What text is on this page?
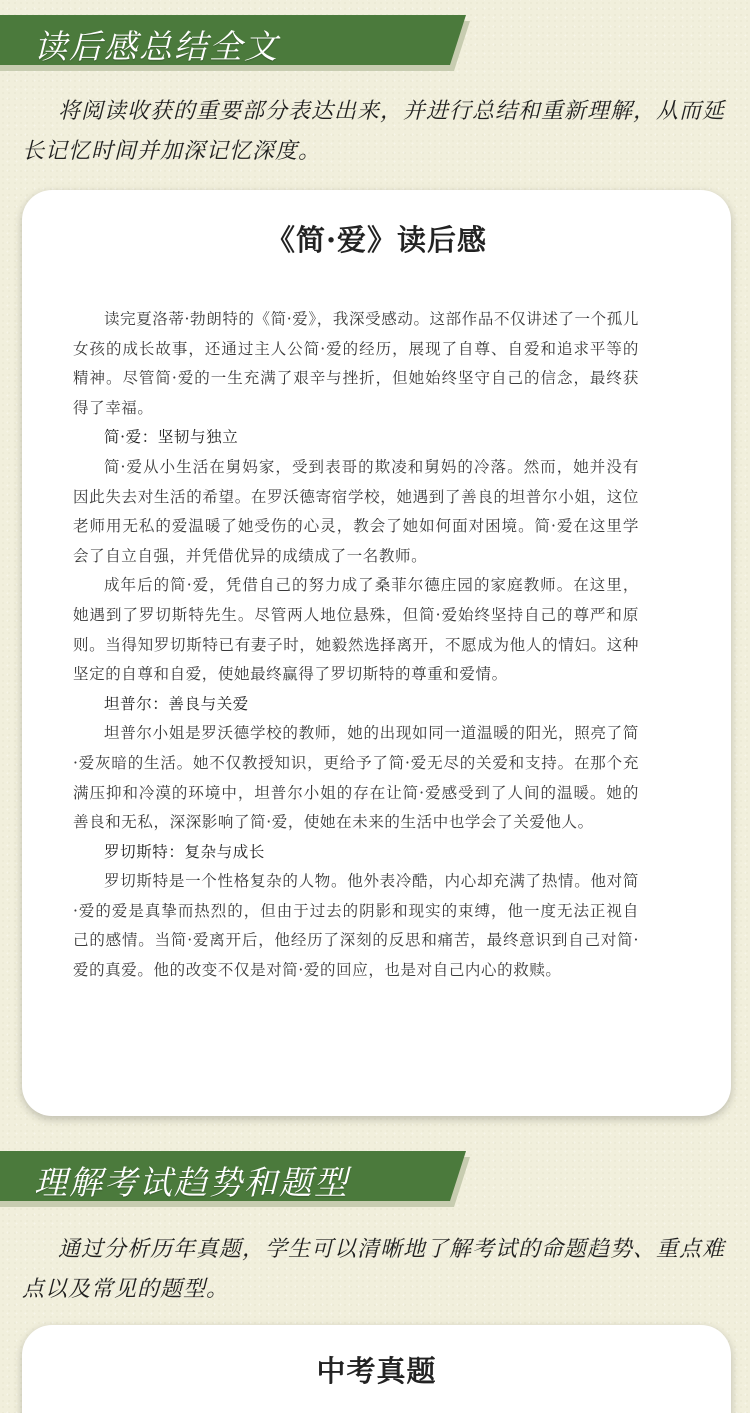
读后感总结全文
将阅读收获的重要部分表达出来，并进行总结和重新理解，从而延长记忆时间并加深记忆深度。
《简·爱》读后感

读完夏洛蒂·勃朗特的《简·爱》，我深受感动。这部作品不仅讲述了一个孤儿女孩的成长故事，还通过主人公简·爱的经历，展现了自尊、自爱和追求平等的精神。尽管简·爱的一生充满了艰辛与挫折，但她始终坚守自己的信念，最终获得了幸福。

简·爱：坚韧与独立

简·爱从小生活在舅妈家，受到表哥的欺凌和舅妈的冷落。然而，她并没有因此失去对生活的希望。在罗沃德寄宿学校，她遇到了善良的坦普尔小姐，这位老师用无私的爱温暖了她受伤的心灵，教会了她如何面对困境。简·爱在这里学会了自立自强，并凭借优异的成绩成了一名教师。

成年后的简·爱，凭借自己的努力成了桑菲尔德庄园的家庭教师。在这里，她遇到了罗切斯特先生。尽管两人地位悬殊，但简·爱始终坚持自己的尊严和原则。当得知罗切斯特已有妻子时，她毅然选择离开，不愿成为他人的情妇。这种坚定的自尊和自爱，使她最终赢得了罗切斯特的尊重和爱情。

坦普尔：善良与关爱

坦普尔小姐是罗沃德学校的教师，她的出现如同一道温暖的阳光，照亮了简·爱灰暗的生活。她不仅教授知识，更给予了简·爱无尽的关爱和支持。在那个充满压抑和冷漠的环境中，坦普尔小姐的存在让简·爱感受到了人间的温暖。她的善良和无私，深深影响了简·爱，使她在未来的生活中也学会了关爱他人。

罗切斯特：复杂与成长

罗切斯特是一个性格复杂的人物。他外表冷酷，内心却充满了热情。他对简·爱的爱是真挚而热烈的，但由于过去的阴影和现实的束缚，他一度无法正视自己的感情。当简·爱离开后，他经历了深刻的反思和痛苦，最终意识到自己对简·爱的真爱。他的改变不仅是对简·爱的回应，也是对自己内心的救赎。

理解考试趋势和题型
通过分析历年真题，学生可以清晰地了解考试的命题趋势、重点难点以及常见的题型。
中考真题
